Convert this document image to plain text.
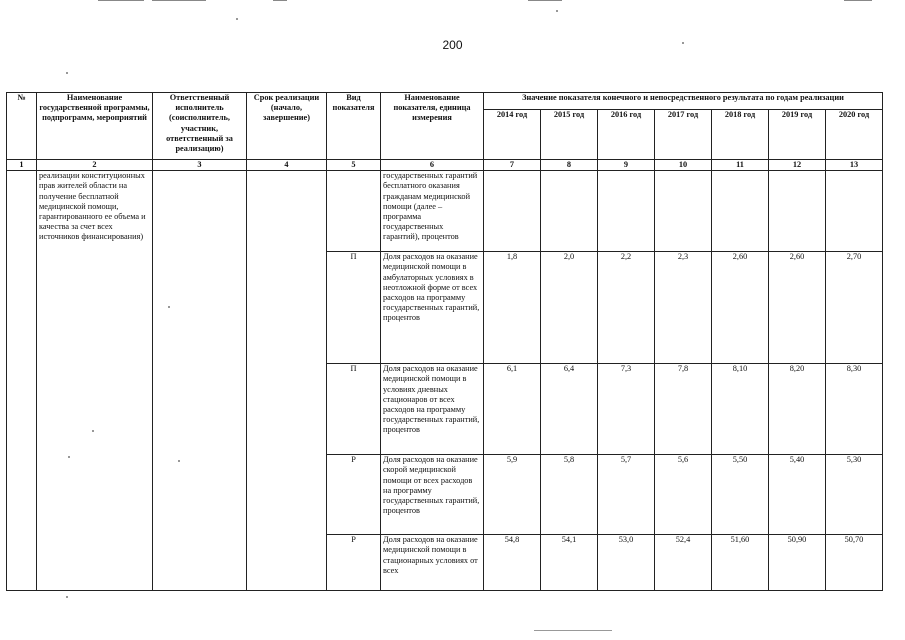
200
№	Наименование государственной программы, подпрограмм, мероприятий	Ответственный исполнитель (соисполнитель, участник, ответственный за реализацию)	Срок реализации (начало, завершение)	Вид показателя	Наименование показателя, единица измерения	Значение показателя конечного и непосредственного результата по годам реализации						
						2014 год	2015 год	2016 год	2017 год	2018 год	2019 год	2020 год
1	2	3	4	5	6	7	8	9	10	11	12	13
	реализации конституционных прав жителей области на получение бесплатной медицинской помощи, гарантированного ее объема и качества за счет всех источников финансирования)				государственных гарантий бесплатного оказания гражданам медицинской помощи (далее – программа государственных гарантий), процентов							
				П	Доля расходов на оказание медицинской помощи в амбулаторных условиях в неотложной форме от всех расходов на программу государственных гарантий, процентов	1,8	2,0	2,2	2,3	2,60	2,60	2,70
				П	Доля расходов на оказание медицинской помощи в условиях дневных стационаров от всех расходов на программу государственных гарантий, процентов	6,1	6,4	7,3	7,8	8,10	8,20	8,30
				Р	Доля расходов на оказание скорой медицинской помощи от всех расходов на программу государственных гарантий, процентов	5,9	5,8	5,7	5,6	5,50	5,40	5,30
				Р	Доля расходов на оказание медицинской помощи в стационарных условиях от всех	54,8	54,1	53,0	52,4	51,60	50,90	50,70
